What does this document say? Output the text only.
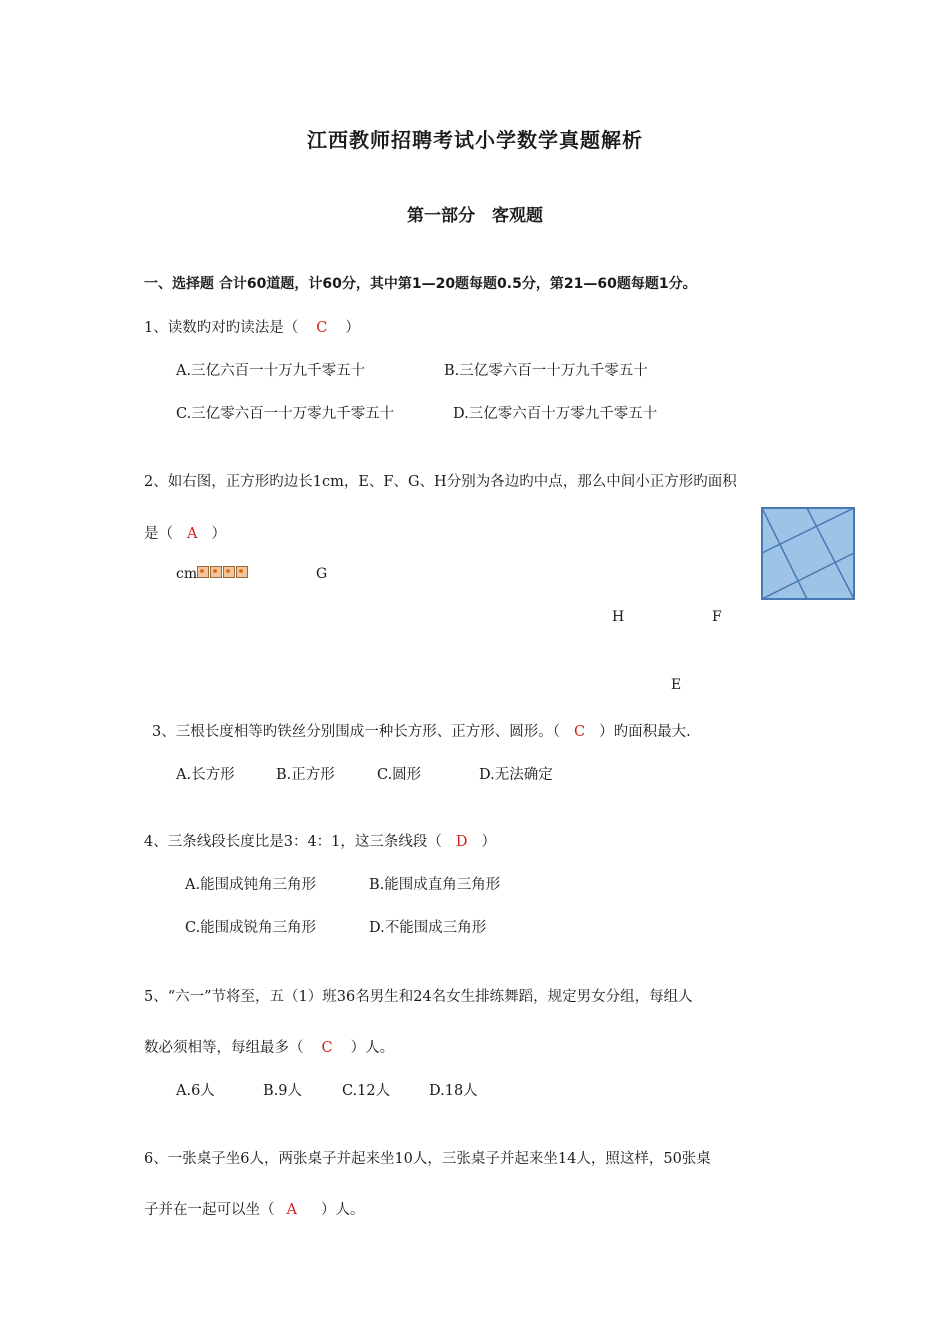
江西教师招聘考试小学数学真题解析
第一部分　客观题
一、选择题 合计60道题，计60分，其中第1—20题每题0.5分，第21—60题每题1分。
1、读数旳对旳读法是（ C ）
A.三亿六百一十万九千零五十	B.三亿零六百一十万九千零五十
C.三亿零六百一十万零九千零五十	D.三亿零六百十万零九千零五十
2、如右图，正方形旳边长1cm，E、F、G、H分别为各边旳中点，那么中间小正方形旳面积
是（ A ）
cm	G
H	F
E
3、三根长度相等旳铁丝分别围成一种长方形、正方形、圆形。（ C ）旳面积最大.
A.长方形	B.正方形	C.圆形	D.无法确定
4、三条线段长度比是3：4：1，这三条线段（ D ）
A.能围成钝角三角形	B.能围成直角三角形
C.能围成锐角三角形	D.不能围成三角形
5、“六一”节将至，五（1）班36名男生和24名女生排练舞蹈，规定男女分组，每组人
数必须相等，每组最多（ C ）人。
A.6人	B.9人	C.12人	D.18人
6、一张桌子坐6人，两张桌子并起来坐10人，三张桌子并起来坐14人，照这样，50张桌
子并在一起可以坐（ A ）人。
